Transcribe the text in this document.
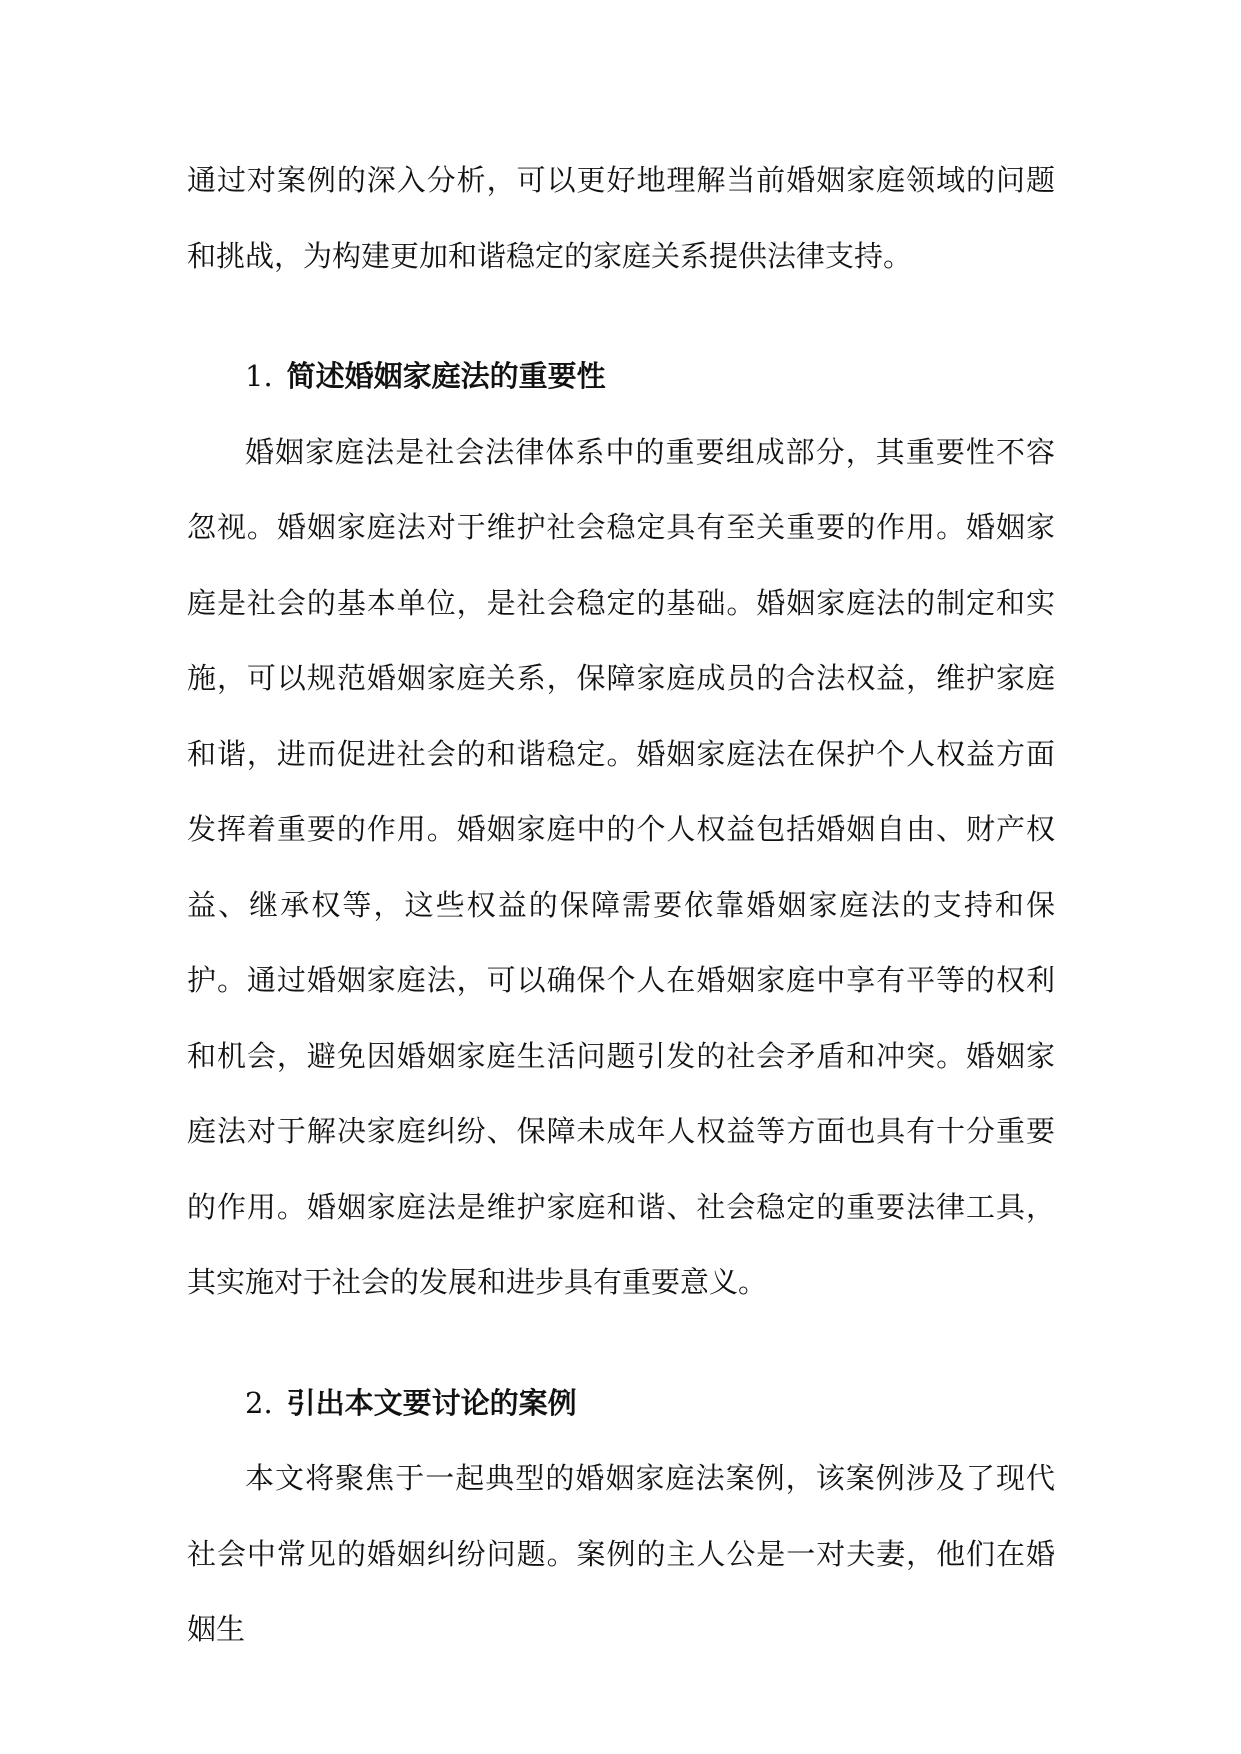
通过对案例的深入分析，可以更好地理解当前婚姻家庭领域的问题和挑战，为构建更加和谐稳定的家庭关系提供法律支持。

1. 简述婚姻家庭法的重要性

婚姻家庭法是社会法律体系中的重要组成部分，其重要性不容忽视。婚姻家庭法对于维护社会稳定具有至关重要的作用。婚姻家庭是社会的基本单位，是社会稳定的基础。婚姻家庭法的制定和实施，可以规范婚姻家庭关系，保障家庭成员的合法权益，维护家庭和谐，进而促进社会的和谐稳定。婚姻家庭法在保护个人权益方面发挥着重要的作用。婚姻家庭中的个人权益包括婚姻自由、财产权益、继承权等，这些权益的保障需要依靠婚姻家庭法的支持和保护。通过婚姻家庭法，可以确保个人在婚姻家庭中享有平等的权利和机会，避免因婚姻家庭生活问题引发的社会矛盾和冲突。婚姻家庭法对于解决家庭纠纷、保障未成年人权益等方面也具有十分重要的作用。婚姻家庭法是维护家庭和谐、社会稳定的重要法律工具，其实施对于社会的发展和进步具有重要意义。

2. 引出本文要讨论的案例

本文将聚焦于一起典型的婚姻家庭法案例，该案例涉及了现代社会中常见的婚姻纠纷问题。案例的主人公是一对夫妻，他们在婚姻生
